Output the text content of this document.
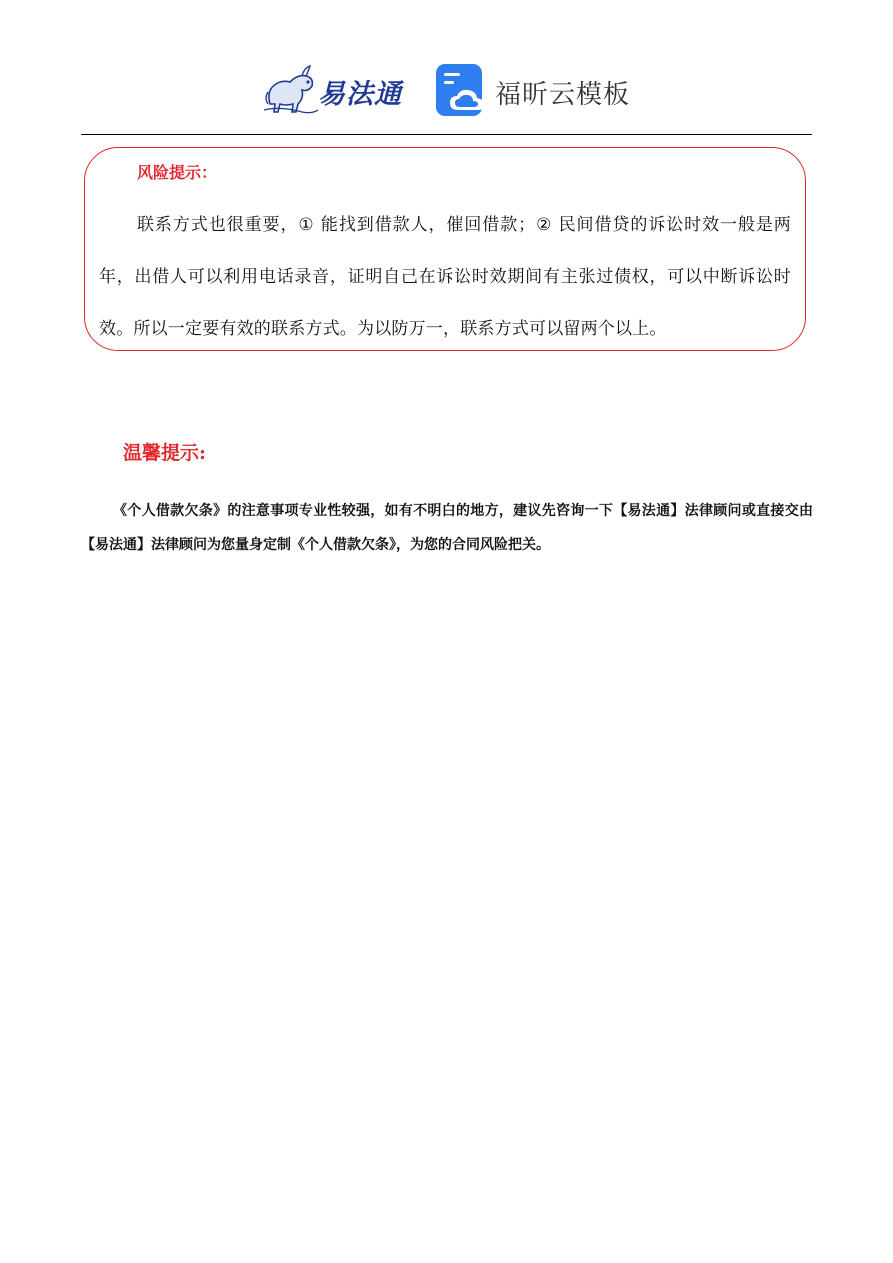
易法通	福昕云模板
风险提示：
联系方式也很重要，① 能找到借款人，催回借款；② 民间借贷的诉讼时效一般是两年，出借人可以利用电话录音，证明自己在诉讼时效期间有主张过债权，可以中断诉讼时效。所以一定要有效的联系方式。为以防万一，联系方式可以留两个以上。
温馨提示:
《个人借款欠条》的注意事项专业性较强，如有不明白的地方，建议先咨询一下【易法通】法律顾问或直接交由【易法通】法律顾问为您量身定制《个人借款欠条》，为您的合同风险把关。
